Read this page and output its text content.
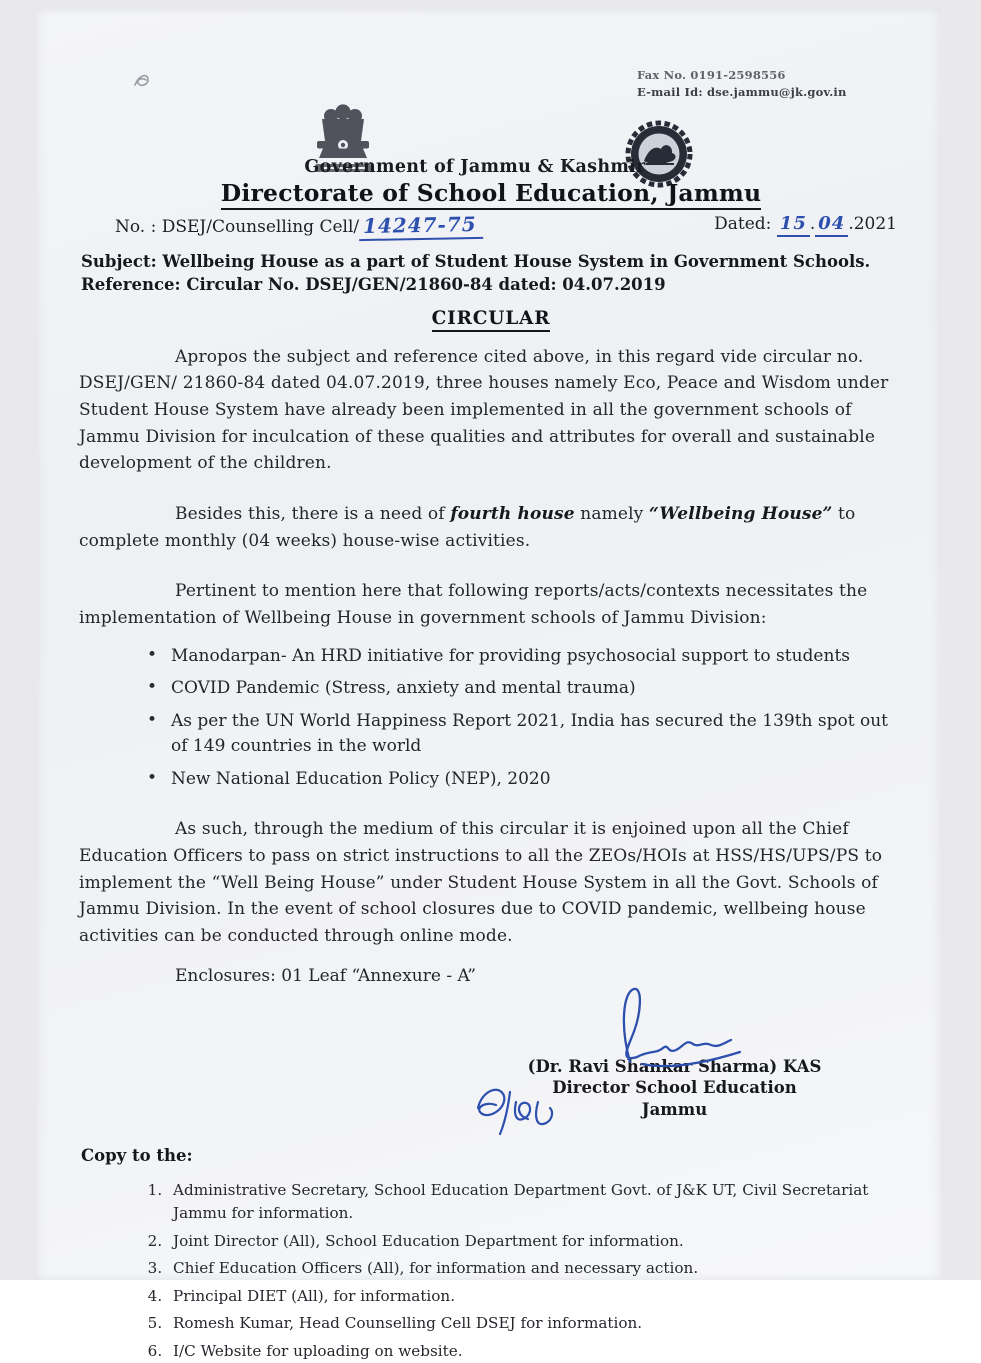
Fax No. 0191-2598556
E-mail Id: dse.jammu@jk.gov.in
Government of Jammu & Kashmir
Directorate of School Education, Jammu
No. : DSEJ/Counselling Cell/ 14247-75	Dated: 15 . 04 .2021
Subject: Wellbeing House as a part of Student House System in Government Schools.
Reference: Circular No. DSEJ/GEN/21860-84 dated: 04.07.2019
CIRCULAR

Apropos the subject and reference cited above, in this regard vide circular no. DSEJ/GEN/ 21860-84 dated 04.07.2019, three houses namely Eco, Peace and Wisdom under Student House System have already been implemented in all the government schools of Jammu Division for inculcation of these qualities and attributes for overall and sustainable development of the children.

Besides this, there is a need of fourth house namely “Wellbeing House” to complete monthly (04 weeks) house-wise activities.

Pertinent to mention here that following reports/acts/contexts necessitates the implementation of Wellbeing House in government schools of Jammu Division:

• Manodarpan- An HRD initiative for providing psychosocial support to students
• COVID Pandemic (Stress, anxiety and mental trauma)
• As per the UN World Happiness Report 2021, India has secured the 139th spot out of 149 countries in the world
• New National Education Policy (NEP), 2020

As such, through the medium of this circular it is enjoined upon all the Chief Education Officers to pass on strict instructions to all the ZEOs/HOIs at HSS/HS/UPS/PS to implement the “Well Being House” under Student House System in all the Govt. Schools of Jammu Division. In the event of school closures due to COVID pandemic, wellbeing house activities can be conducted through online mode.

Enclosures: 01 Leaf “Annexure - A”
(Dr. Ravi Shankar Sharma) KAS
Director School Education
Jammu
Copy to the:
1. Administrative Secretary, School Education Department Govt. of J&K UT, Civil Secretariat Jammu for information.
2. Joint Director (All), School Education Department for information.
3. Chief Education Officers (All), for information and necessary action.
4. Principal DIET (All), for information.
5. Romesh Kumar, Head Counselling Cell DSEJ for information.
6. I/C Website for uploading on website.
